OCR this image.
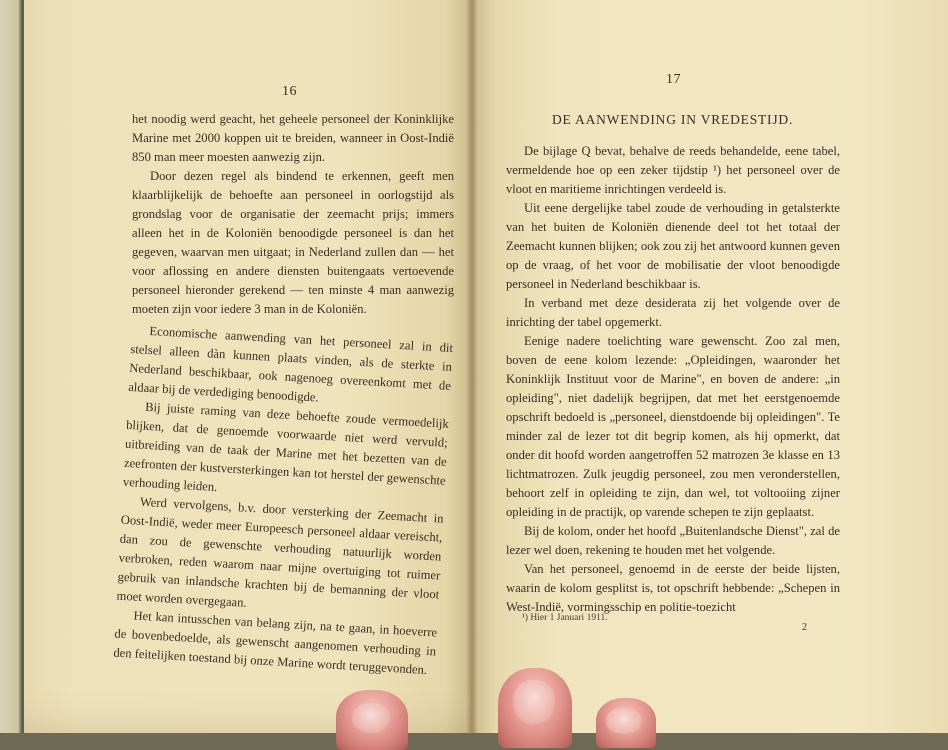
16

het noodig werd geacht, het geheele personeel der Koninklijke Marine met 2000 koppen uit te breiden, wanneer in Oost-Indië 850 man meer moesten aanwezig zijn.

Door dezen regel als bindend te erkennen, geeft men klaarblijkelijk de behoefte aan personeel in oorlogstijd als grondslag voor de organisatie der zeemacht prijs; immers alleen het in de Koloniën benoodigde personeel is dan het gegeven, waarvan men uitgaat; in Nederland zullen dan — het voor aflossing en andere diensten buitengaats vertoevende personeel hieronder gerekend — ten minste 4 man aanwezig moeten zijn voor iedere 3 man in de Koloniën.

Economische aanwending van het personeel zal in dit stelsel alleen dàn kunnen plaats vinden, als de sterkte in Nederland beschikbaar, ook nagenoeg overeenkomt met de aldaar bij de verdediging benoodigde.

Bij juiste raming van deze behoefte zoude vermoedelijk blijken, dat de genoemde voorwaarde niet werd vervuld; uitbreiding van de taak der Marine met het bezetten van de zeefronten der kustversterkingen kan tot herstel der gewenschte verhouding leiden.

Werd vervolgens, b.v. door versterking der Zeemacht in Oost-Indië, weder meer Europeesch personeel aldaar vereischt, dan zou de gewenschte verhouding natuurlijk worden verbroken, reden waarom naar mijne overtuiging tot ruimer gebruik van inlandsche krachten bij de bemanning der vloot moet worden overgegaan.

Het kan intusschen van belang zijn, na te gaan, in hoeverre de bovenbedoelde, als gewenscht aangenomen verhouding in den feitelijken toestand bij onze Marine wordt teruggevonden.

17
DE AANWENDING IN VREDESTIJD.

De bijlage Q bevat, behalve de reeds behandelde, eene tabel, vermeldende hoe op een zeker tijdstip ¹) het personeel over de vloot en maritieme inrichtingen verdeeld is.

Uit eene dergelijke tabel zoude de verhouding in getalsterkte van het buiten de Koloniën dienende deel tot het totaal der Zeemacht kunnen blijken; ook zou zij het antwoord kunnen geven op de vraag, of het voor de mobilisatie der vloot benoodigde personeel in Nederland beschikbaar is.

In verband met deze desiderata zij het volgende over de inrichting der tabel opgemerkt.

Eenige nadere toelichting ware gewenscht. Zoo zal men, boven de eene kolom lezende: „Opleidingen, waaronder het Koninklijk Instituut voor de Marine", en boven de andere: „in opleiding", niet dadelijk begrijpen, dat met het eerstgenoemde opschrift bedoeld is „personeel, dienstdoende bij opleidingen". Te minder zal de lezer tot dit begrip komen, als hij opmerkt, dat onder dit hoofd worden aangetroffen 52 matrozen 3e klasse en 13 lichtmatrozen. Zulk jeugdig personeel, zou men veronderstellen, behoort zelf in opleiding te zijn, dan wel, tot voltooiing zijner opleiding in de practijk, op varende schepen te zijn geplaatst.

Bij de kolom, onder het hoofd „Buitenlandsche Dienst", zal de lezer wel doen, rekening te houden met het volgende.

Van het personeel, genoemd in de eerste der beide lijsten, waarin de kolom gesplitst is, tot opschrift hebbende: „Schepen in West-Indië, vormingsschip en politie-toezicht

¹) Hier 1 Januari 1911.
2
